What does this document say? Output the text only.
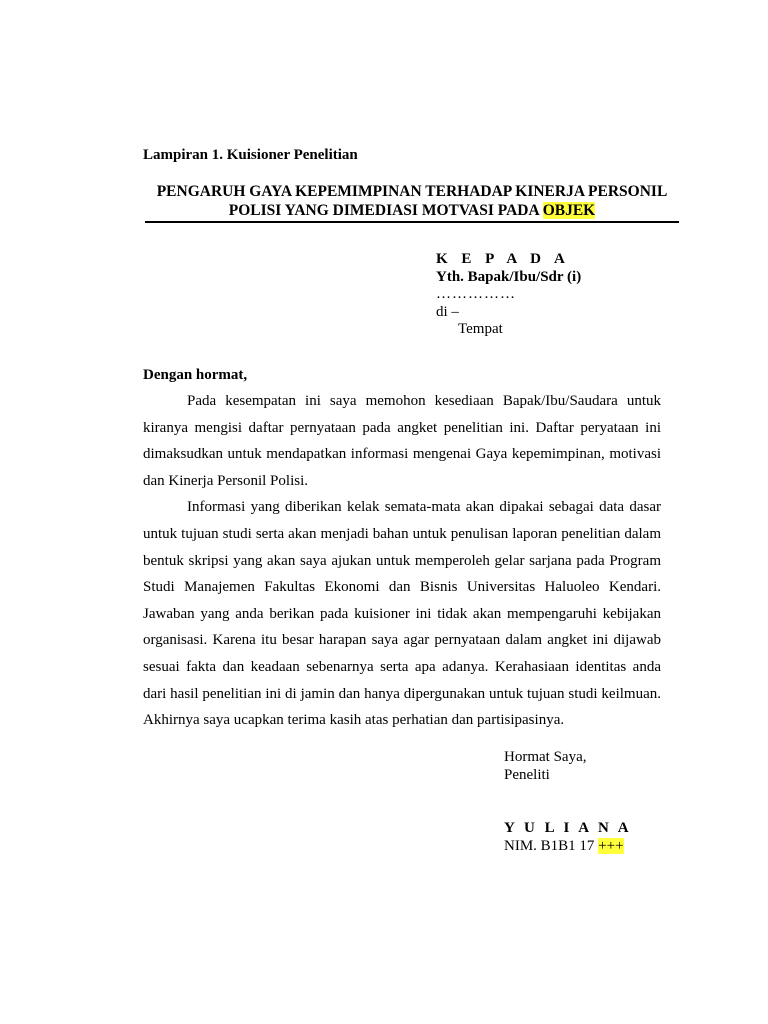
Lampiran 1. Kuisioner Penelitian
PENGARUH GAYA KEPEMIMPINAN TERHADAP KINERJA PERSONIL
POLISI YANG DIMEDIASI MOTVASI PADA OBJEK
K E P A D A
Yth. Bapak/Ibu/Sdr (i)
……………
di –
Tempat
Dengan hormat,

Pada kesempatan ini saya memohon kesediaan Bapak/Ibu/Saudara untuk kiranya mengisi daftar pernyataan pada angket penelitian ini. Daftar peryataan ini dimaksudkan untuk mendapatkan informasi mengenai Gaya kepemimpinan, motivasi dan Kinerja Personil Polisi.

Informasi yang diberikan kelak semata-mata akan dipakai sebagai data dasar untuk tujuan studi serta akan menjadi bahan untuk penulisan laporan penelitian dalam bentuk skripsi yang akan saya ajukan untuk memperoleh gelar sarjana pada Program Studi Manajemen Fakultas Ekonomi dan Bisnis Universitas Haluoleo Kendari. Jawaban yang anda berikan pada kuisioner ini tidak akan mempengaruhi kebijakan organisasi. Karena itu besar harapan saya agar pernyataan dalam angket ini dijawab sesuai fakta dan keadaan sebenarnya serta apa adanya. Kerahasiaan identitas anda dari hasil penelitian ini di jamin dan hanya dipergunakan untuk tujuan studi keilmuan. Akhirnya saya ucapkan terima kasih atas perhatian dan partisipasinya.

Hormat Saya,
Peneliti
Y U L I A N A
NIM. B1B1 17 +++
